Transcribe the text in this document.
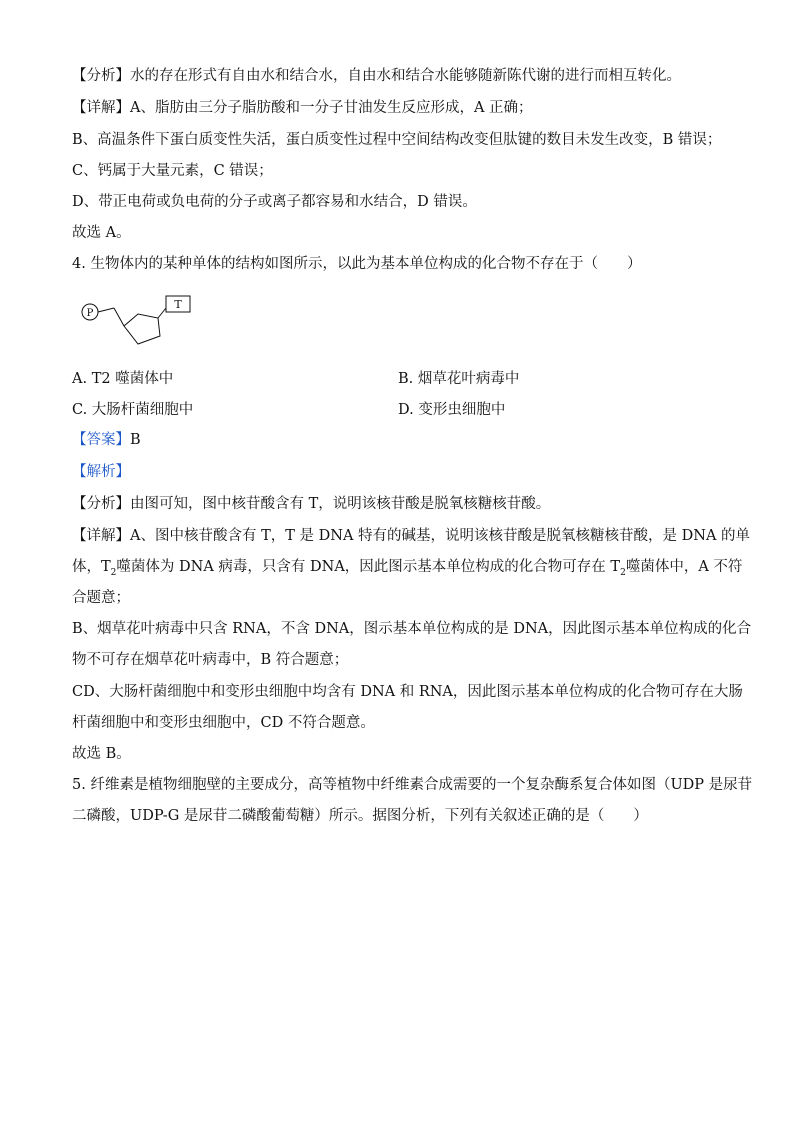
【分析】水的存在形式有自由水和结合水，自由水和结合水能够随新陈代谢的进行而相互转化。
【详解】A、脂肪由三分子脂肪酸和一分子甘油发生反应形成，A 正确；
B、高温条件下蛋白质变性失活，蛋白质变性过程中空间结构改变但肽键的数目未发生改变，B 错误；
C、钙属于大量元素，C 错误；
D、带正电荷或负电荷的分子或离子都容易和水结合，D 错误。
故选 A。
4. 生物体内的某种单体的结构如图所示，以此为基本单位构成的化合物不存在于（　　）
P
T
A. T2 噬菌体中	B. 烟草花叶病毒中
C. 大肠杆菌细胞中	D. 变形虫细胞中
【答案】B
【解析】
【分析】由图可知，图中核苷酸含有 T，说明该核苷酸是脱氧核糖核苷酸。
【详解】A、图中核苷酸含有 T，T 是 DNA 特有的碱基，说明该核苷酸是脱氧核糖核苷酸，是 DNA 的单
体，$T_2$噬菌体为 DNA 病毒，只含有 DNA，因此图示基本单位构成的化合物可存在 $T_2$噬菌体中，A 不符
合题意；
B、烟草花叶病毒中只含 RNA，不含 DNA，图示基本单位构成的是 DNA，因此图示基本单位构成的化合
物不可存在烟草花叶病毒中，B 符合题意；
CD、大肠杆菌细胞中和变形虫细胞中均含有 DNA 和 RNA，因此图示基本单位构成的化合物可存在大肠
杆菌细胞中和变形虫细胞中，CD 不符合题意。
故选 B。
5. 纤维素是植物细胞壁的主要成分，高等植物中纤维素合成需要的一个复杂酶系复合体如图（UDP 是尿苷
二磷酸，UDP-G 是尿苷二磷酸葡萄糖）所示。据图分析，下列有关叙述正确的是（　　）
